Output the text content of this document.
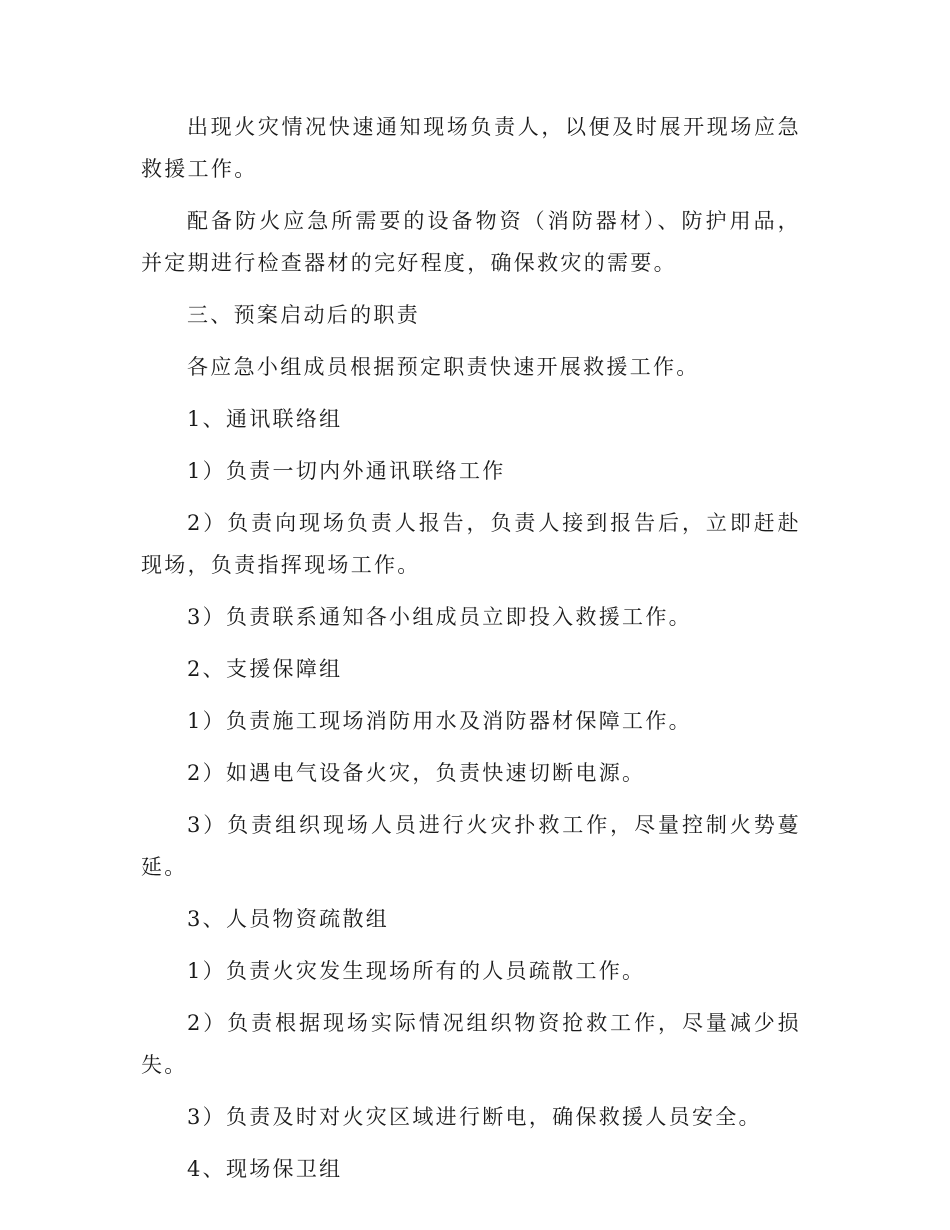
出现火灾情况快速通知现场负责人，以便及时展开现场应急救援工作。

配备防火应急所需要的设备物资（消防器材）、防护用品，并定期进行检查器材的完好程度，确保救灾的需要。

三、预案启动后的职责

各应急小组成员根据预定职责快速开展救援工作。

1、通讯联络组

1）负责一切内外通讯联络工作

2）负责向现场负责人报告，负责人接到报告后，立即赶赴现场，负责指挥现场工作。

3）负责联系通知各小组成员立即投入救援工作。

2、支援保障组

1）负责施工现场消防用水及消防器材保障工作。

2）如遇电气设备火灾，负责快速切断电源。

3）负责组织现场人员进行火灾扑救工作，尽量控制火势蔓延。

3、人员物资疏散组

1）负责火灾发生现场所有的人员疏散工作。

2）负责根据现场实际情况组织物资抢救工作，尽量减少损失。

3）负责及时对火灾区域进行断电，确保救援人员安全。

4、现场保卫组
